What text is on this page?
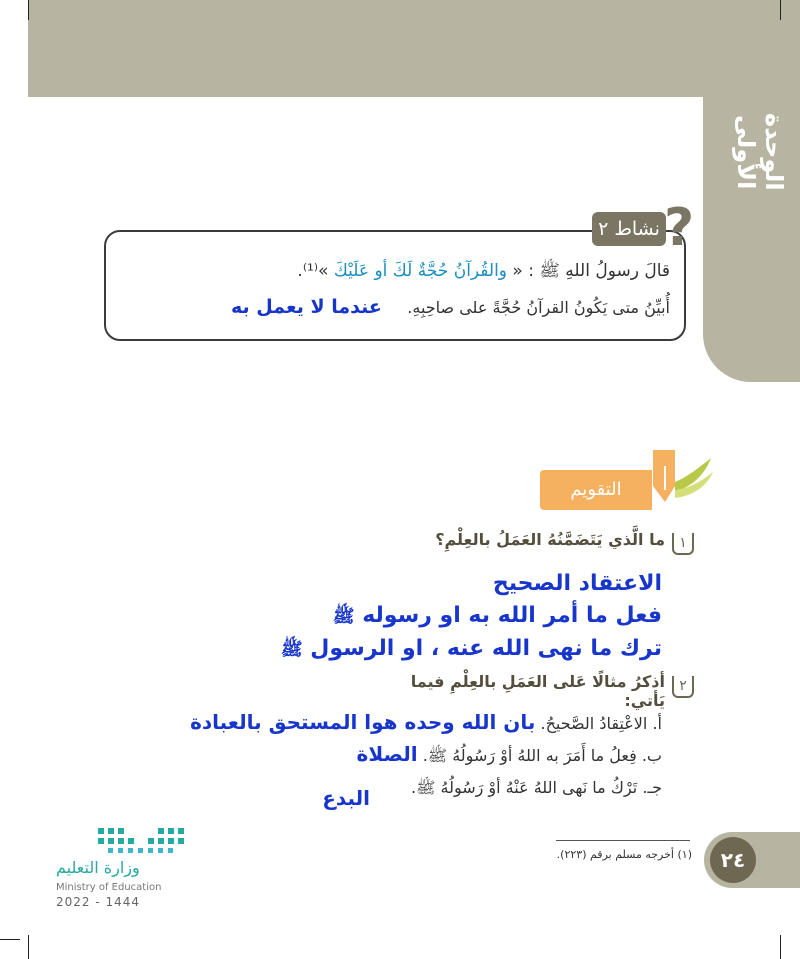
الوحدة الأولى
نشاط ٢ ?
قالَ رسولُ اللهِ ﷺ : « والقُرآنُ حُجَّةٌ لَكَ أو عَلَيْكَ »⁽¹⁾.
أُبيِّنُ متى يَكُونُ القرآنُ حُجَّةً على صاحِبِهِ.     عندما لا يعمل به
التقويم
١
ما الَّذي يَتَضَمَّنُهُ العَمَلُ بالعِلْمِ؟
الاعتقاد الصحيح
فعل ما أمر الله به او رسوله ﷺ
ترك ما نهى الله عنه ، او الرسول ﷺ
٢
أذكرُ مثالًا عَلى العَمَلِ بالعِلْمِ فيما يَأتي:
أ. الاعْتِقادُ الصَّحيحُ. بان الله وحده هوا المستحق بالعبادة
ب. فِعلُ ما أَمَرَ به اللهُ أوْ رَسُولُهُ ﷺ. الصلاة
جـ. تَرْكُ ما نَهى اللهُ عَنْهُ أوْ رَسُولُهُ ﷺ.
البدع
(١) أخرجه مسلم برقم (٢٢٣).	٢٤
وزارة التعليم
Ministry of Education
2022 - 1444
